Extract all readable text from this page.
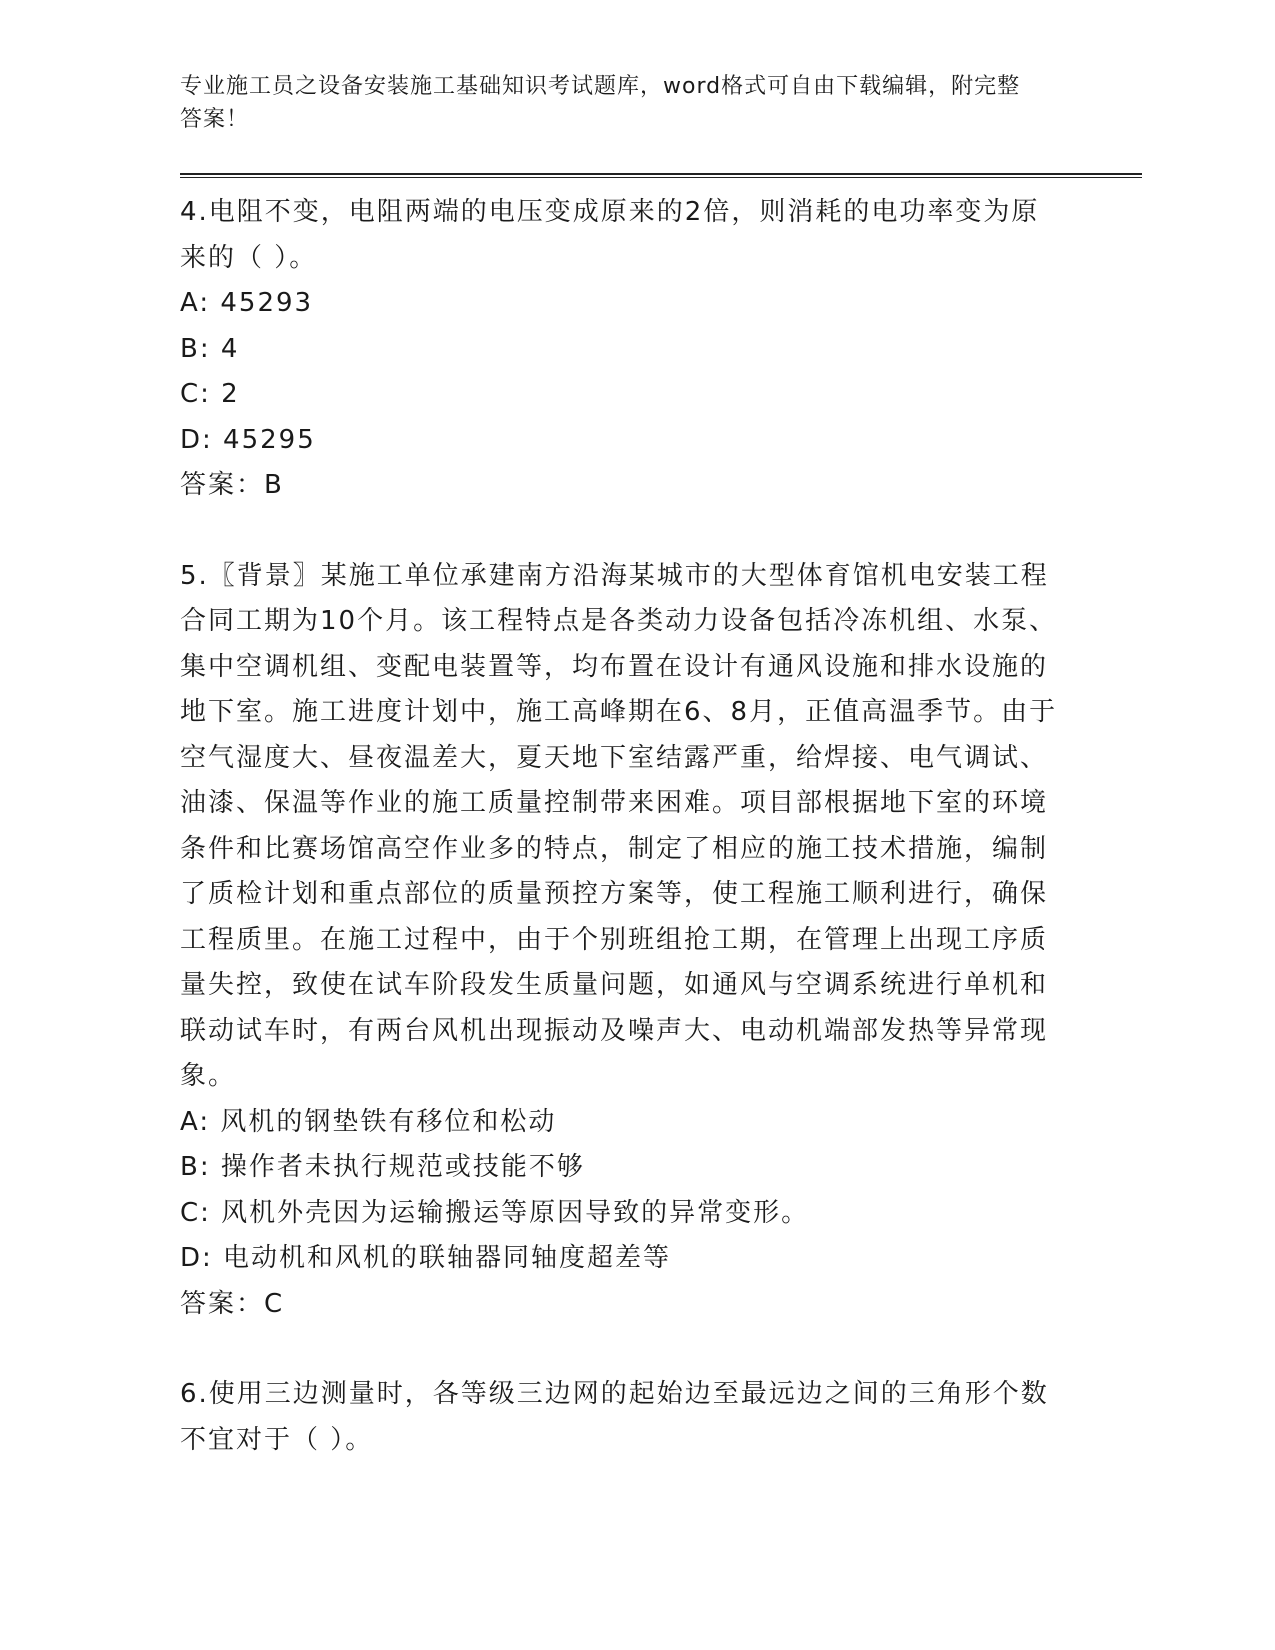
专业施工员之设备安装施工基础知识考试题库，word格式可自由下载编辑，附完整答案！

4.电阻不变，电阻两端的电压变成原来的2倍，则消耗的电功率变为原来的（ ）。

A: 45293

B: 4

C: 2

D: 45295

答案：B

5.〖背景〗某施工单位承建南方沿海某城市的大型体育馆机电安装工程合同工期为10个月。该工程特点是各类动力设备包括冷冻机组、水泵、集中空调机组、变配电装置等，均布置在设计有通风设施和排水设施的地下室。施工进度计划中，施工高峰期在6、8月，正值高温季节。由于空气湿度大、昼夜温差大，夏天地下室结露严重，给焊接、电气调试、油漆、保温等作业的施工质量控制带来困难。项目部根据地下室的环境条件和比赛场馆高空作业多的特点，制定了相应的施工技术措施，编制了质检计划和重点部位的质量预控方案等，使工程施工顺利进行，确保工程质里。在施工过程中，由于个别班组抢工期，在管理上出现工序质量失控，致使在试车阶段发生质量问题，如通风与空调系统进行单机和联动试车时，有两台风机出现振动及噪声大、电动机端部发热等异常现象。

A: 风机的钢垫铁有移位和松动

B: 操作者未执行规范或技能不够

C: 风机外壳因为运输搬运等原因导致的异常变形。

D: 电动机和风机的联轴器同轴度超差等

答案：C

6.使用三边测量时，各等级三边网的起始边至最远边之间的三角形个数不宜对于（ ）。
